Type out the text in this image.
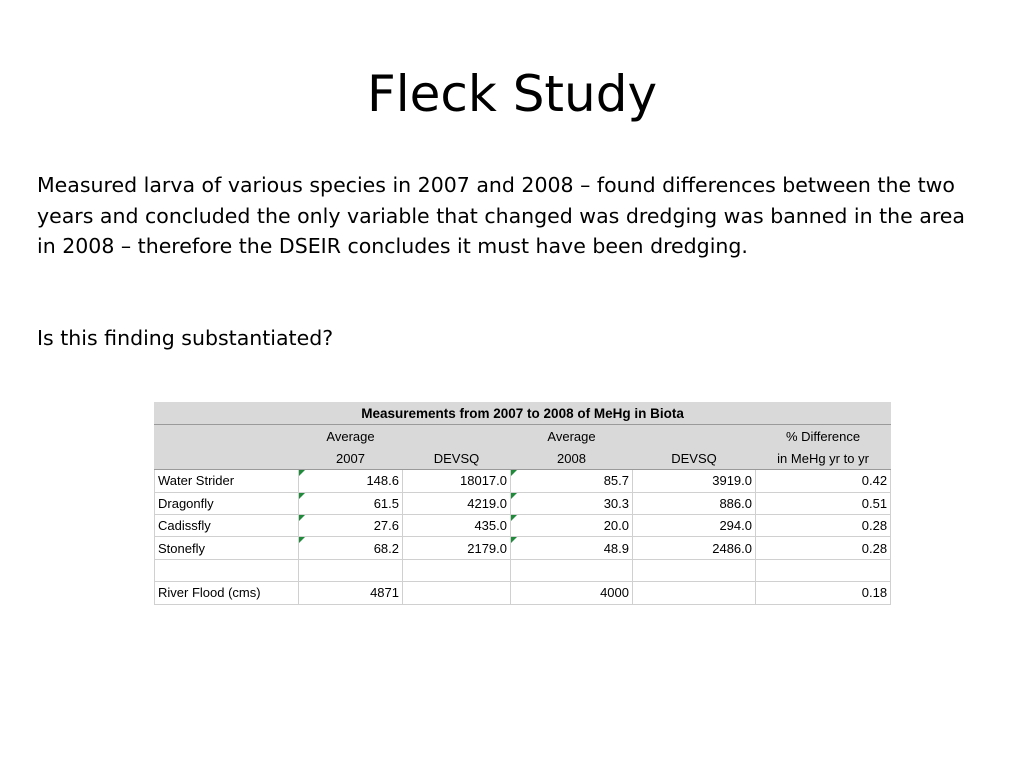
Fleck Study

Measured larva of various species in 2007 and 2008 – found differences between the two years and concluded the only variable that changed was dredging was banned in the area in 2008 – therefore the DSEIR concludes it must have been dredging.

Is this finding substantiated?

Measurements from 2007 to 2008 of MeHg in Biota					
	Average		Average		% Difference
	2007	DEVSQ	2008	DEVSQ	in MeHg yr to yr
Water Strider	148.6	18017.0	85.7	3919.0	0.42
Dragonfly	61.5	4219.0	30.3	886.0	0.51
Cadissfly	27.6	435.0	20.0	294.0	0.28
Stonefly	68.2	2179.0	48.9	2486.0	0.28

River Flood (cms)	4871		4000		0.18
